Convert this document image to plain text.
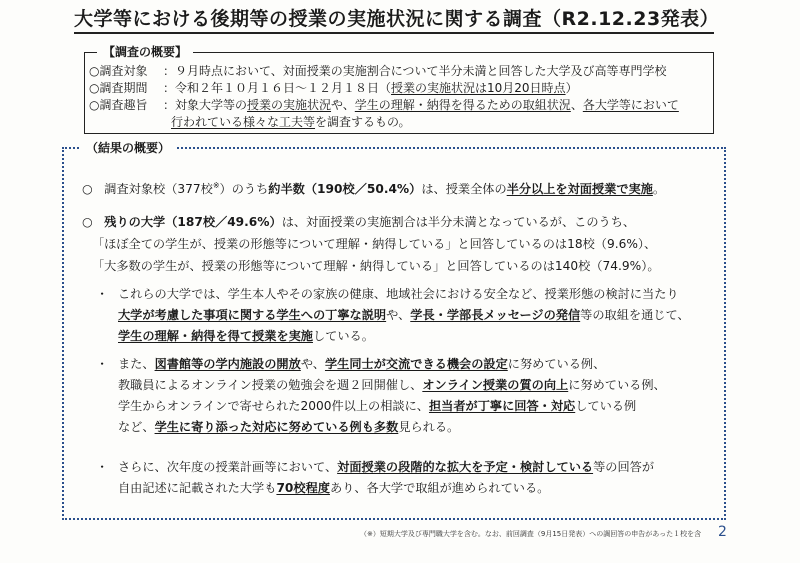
大学等における後期等の授業の実施状況に関する調査（R2.12.23発表）
【調査の概要】
○調査対象 ：９月時点において、対面授業の実施割合について半分未満と回答した大学及び高等専門学校
○調査期間 ：令和２年１０月１６日～１２月１８日（授業の実施状況は10月20日時点）
○調査趣旨 ：対象大学等の授業の実施状況や、学生の理解・納得を得るための取組状況、各大学等において
行われている様々な工夫等を調査するもの。
（結果の概要）
○ 調査対象校（377校※）のうち約半数（190校／50.4%）は、授業全体の半分以上を対面授業で実施。
○ 残りの大学（187校／49.6%）は、対面授業の実施割合は半分未満となっているが、このうち、
「ほぼ全ての学生が、授業の形態等について理解・納得している」と回答しているのは18校（9.6%）、
「大多数の学生が、授業の形態等について理解・納得している」と回答しているのは140校（74.9%）。
・ これらの大学では、学生本人やその家族の健康、地域社会における安全など、授業形態の検討に当たり
大学が考慮した事項に関する学生への丁寧な説明や、学長・学部長メッセージの発信等の取組を通じて、
学生の理解・納得を得て授業を実施している。
・ また、図書館等の学内施設の開放や、学生同士が交流できる機会の設定に努めている例、
教職員によるオンライン授業の勉強会を週２回開催し、オンライン授業の質の向上に努めている例、
学生からオンラインで寄せられた2000件以上の相談に、担当者が丁寧に回答・対応している例
など、学生に寄り添った対応に努めている例も多数見られる。
・ さらに、次年度の授業計画等において、対面授業の段階的な拡大を予定・検討している等の回答が
自由記述に記載された大学も70校程度あり、各大学で取組が進められている。
（※）短期大学及び専門職大学を含む。なお、前回調査（9月15日発表）への調回答の申告があった１校を含 2
